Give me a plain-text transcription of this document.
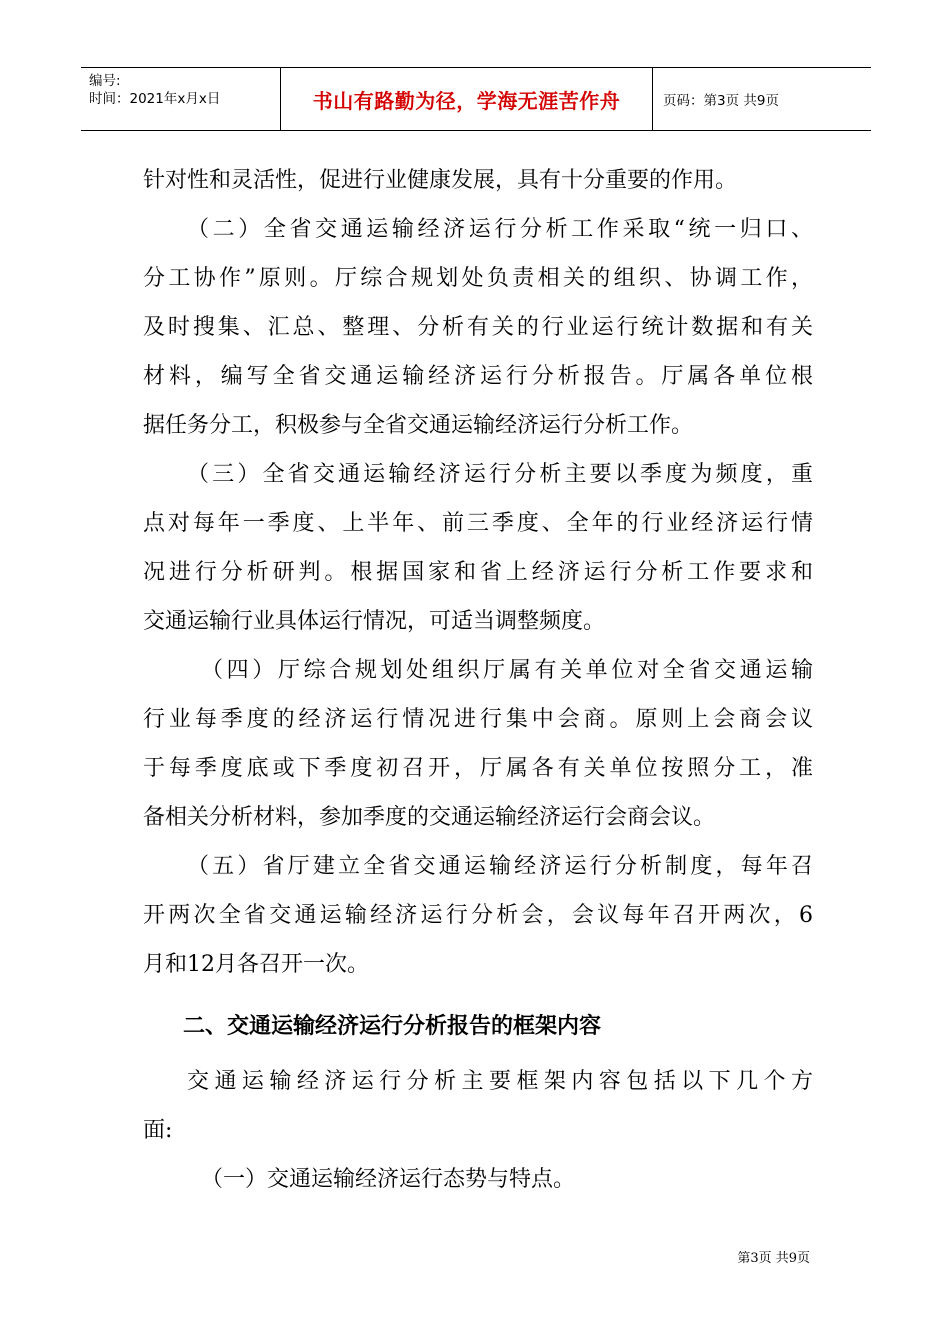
编号:
时间：2021年x月x日	书山有路勤为径，学海无涯苦作舟	页码：第3页 共9页
针对性和灵活性，促进行业健康发展，具有十分重要的作用。
（二）全省交通运输经济运行分析工作采取“统一归口、
分工协作”原则。厅综合规划处负责相关的组织、协调工作，
及时搜集、汇总、整理、分析有关的行业运行统计数据和有关
材料，编写全省交通运输经济运行分析报告。厅属各单位根
据任务分工，积极参与全省交通运输经济运行分析工作。
（三）全省交通运输经济运行分析主要以季度为频度，重
点对每年一季度、上半年、前三季度、全年的行业经济运行情
况进行分析研判。根据国家和省上经济运行分析工作要求和
交通运输行业具体运行情况，可适当调整频度。
（四）厅综合规划处组织厅属有关单位对全省交通运输
行业每季度的经济运行情况进行集中会商。原则上会商会议
于每季度底或下季度初召开，厅属各有关单位按照分工，准
备相关分析材料，参加季度的交通运输经济运行会商会议。
（五）省厅建立全省交通运输经济运行分析制度，每年召
开两次全省交通运输经济运行分析会，会议每年召开两次，6
月和12月各召开一次。
二、交通运输经济运行分析报告的框架内容
交通运输经济运行分析主要框架内容包括以下几个方
面:
（一）交通运输经济运行态势与特点。
第3页 共9页
